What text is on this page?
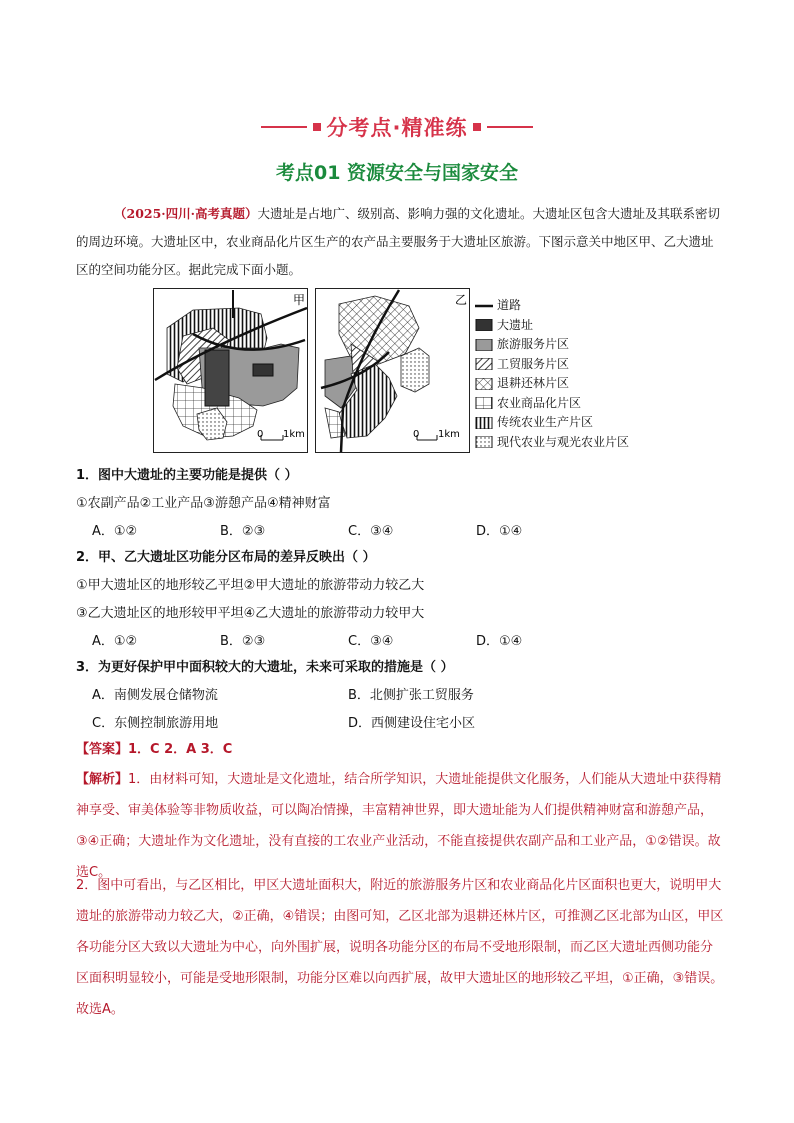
分考点·精准练
考点01 资源安全与国家安全
（2025·四川·高考真题）大遗址是占地广、级别高、影响力强的文化遗址。大遗址区包含大遗址及其联系密切的周边环境。大遗址区中，农业商品化片区生产的农产品主要服务于大遗址区旅游。下图示意关中地区甲、乙大遗址区的空间功能分区。据此完成下面小题。
甲
0 1km
乙
0 1km
道路
大遗址
旅游服务片区
工贸服务片区
退耕还林片区
农业商品化片区
传统农业生产片区
现代农业与观光农业片区
1．图中大遗址的主要功能是提供（ ）
①农副产品②工业产品③游憩产品④精神财富
A．①②	B．②③	C．③④	D．①④
2．甲、乙大遗址区功能分区布局的差异反映出（ ）
①甲大遗址区的地形较乙平坦②甲大遗址的旅游带动力较乙大
③乙大遗址区的地形较甲平坦④乙大遗址的旅游带动力较甲大
A．①②	B．②③	C．③④	D．①④
3．为更好保护甲中面积较大的大遗址，未来可采取的措施是（ ）
A．南侧发展仓储物流	B．北侧扩张工贸服务
C．东侧控制旅游用地	D．西侧建设住宅小区
【答案】1．C 2．A 3．C
【解析】1．由材料可知，大遗址是文化遗址，结合所学知识，大遗址能提供文化服务，人们能从大遗址中获得精神享受、审美体验等非物质收益，可以陶冶情操，丰富精神世界，即大遗址能为人们提供精神财富和游憩产品，③④正确；大遗址作为文化遗址，没有直接的工农业产业活动，不能直接提供农副产品和工业产品，①②错误。故选C。
2．图中可看出，与乙区相比，甲区大遗址面积大，附近的旅游服务片区和农业商品化片区面积也更大，说明甲大遗址的旅游带动力较乙大，②正确，④错误；由图可知，乙区北部为退耕还林片区，可推测乙区北部为山区，甲区各功能分区大致以大遗址为中心，向外围扩展，说明各功能分区的布局不受地形限制，而乙区大遗址西侧功能分区面积明显较小，可能是受地形限制，功能分区难以向西扩展，故甲大遗址区的地形较乙平坦，①正确，③错误。故选A。
